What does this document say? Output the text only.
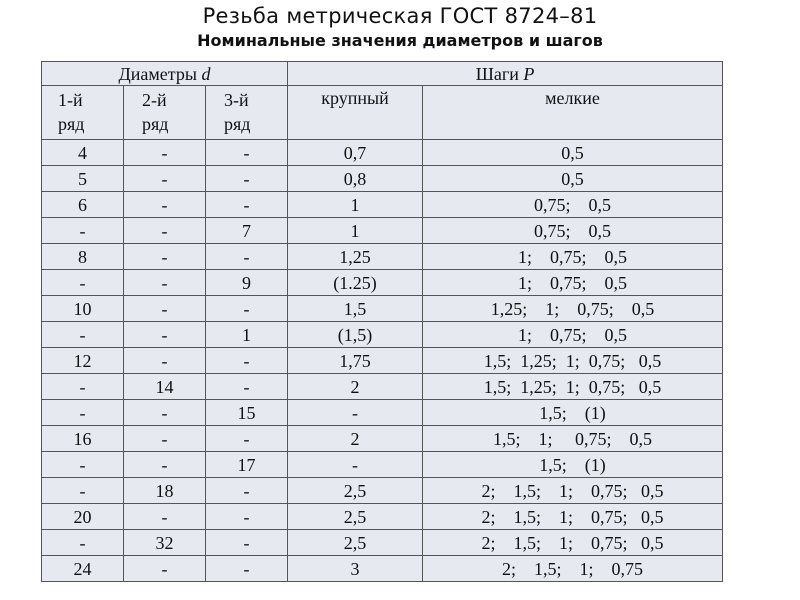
Резьба метрическая ГОСТ 8724–81
Номинальные значения диаметров и шагов
Диаметры d			Шаги P	
1-й
ряд	2-й
ряд	3-й
ряд	крупный	мелкие
4	-	-	0,7	0,5
5	-	-	0,8	0,5
6	-	-	1	0,75;    0,5
-	-	7	1	0,75;    0,5
8	-	-	1,25	1;    0,75;    0,5
-	-	9	(1.25)	1;    0,75;    0,5
10	-	-	1,5	1,25;    1;    0,75;    0,5
-	-	1	(1,5)	1;    0,75;    0,5
12	-	-	1,75	1,5;  1,25;  1;  0,75;   0,5
-	14	-	2	1,5;  1,25;  1;  0,75;   0,5
-	-	15	-	1,5;    (1)
16	-	-	2	1,5;    1;     0,75;    0,5
-	-	17	-	1,5;    (1)
-	18	-	2,5	2;    1,5;    1;    0,75;   0,5
20	-	-	2,5	2;    1,5;    1;    0,75;   0,5
-	32	-	2,5	2;    1,5;    1;    0,75;   0,5
24	-	-	3	2;    1,5;    1;    0,75
